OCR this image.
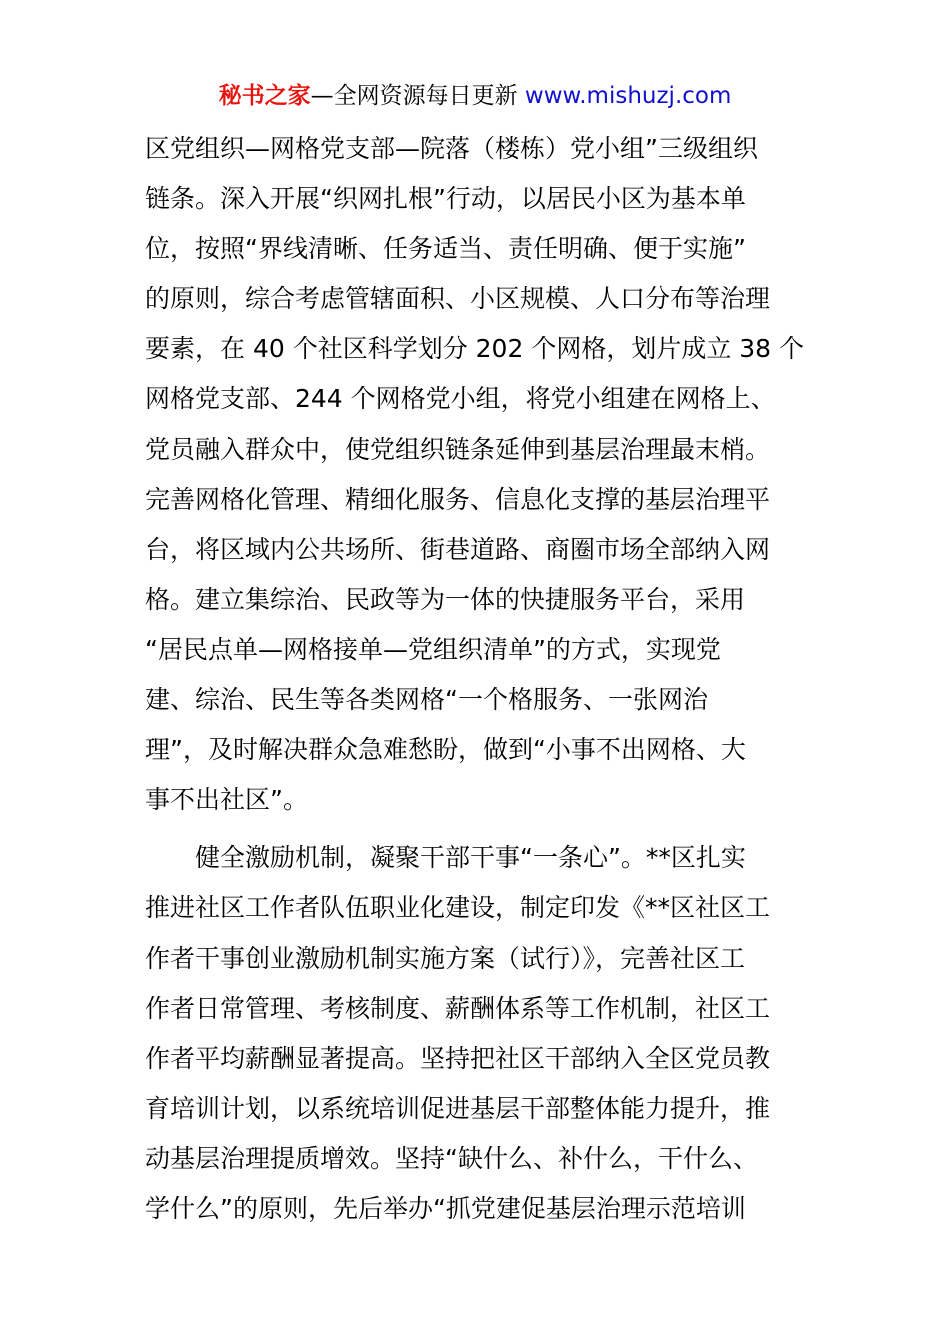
秘书之家—全网资源每日更新 www.mishuzj.com
区党组织—网格党支部—院落（楼栋）党小组”三级组织
链条。深入开展“织网扎根”行动，以居民小区为基本单
位，按照“界线清晰、任务适当、责任明确、便于实施”
的原则，综合考虑管辖面积、小区规模、人口分布等治理
要素，在 40 个社区科学划分 202 个网格，划片成立 38 个
网格党支部、244 个网格党小组，将党小组建在网格上、
党员融入群众中，使党组织链条延伸到基层治理最末梢。
完善网格化管理、精细化服务、信息化支撑的基层治理平
台，将区域内公共场所、街巷道路、商圈市场全部纳入网
格。建立集综治、民政等为一体的快捷服务平台，采用
“居民点单—网格接单—党组织清单”的方式，实现党
建、综治、民生等各类网格“一个格服务、一张网治
理”，及时解决群众急难愁盼，做到“小事不出网格、大
事不出社区”。
健全激励机制，凝聚干部干事“一条心”。**区扎实
推进社区工作者队伍职业化建设，制定印发《**区社区工
作者干事创业激励机制实施方案（试行）》，完善社区工
作者日常管理、考核制度、薪酬体系等工作机制，社区工
作者平均薪酬显著提高。坚持把社区干部纳入全区党员教
育培训计划，以系统培训促进基层干部整体能力提升，推
动基层治理提质增效。坚持“缺什么、补什么，干什么、
学什么”的原则，先后举办“抓党建促基层治理示范培训
